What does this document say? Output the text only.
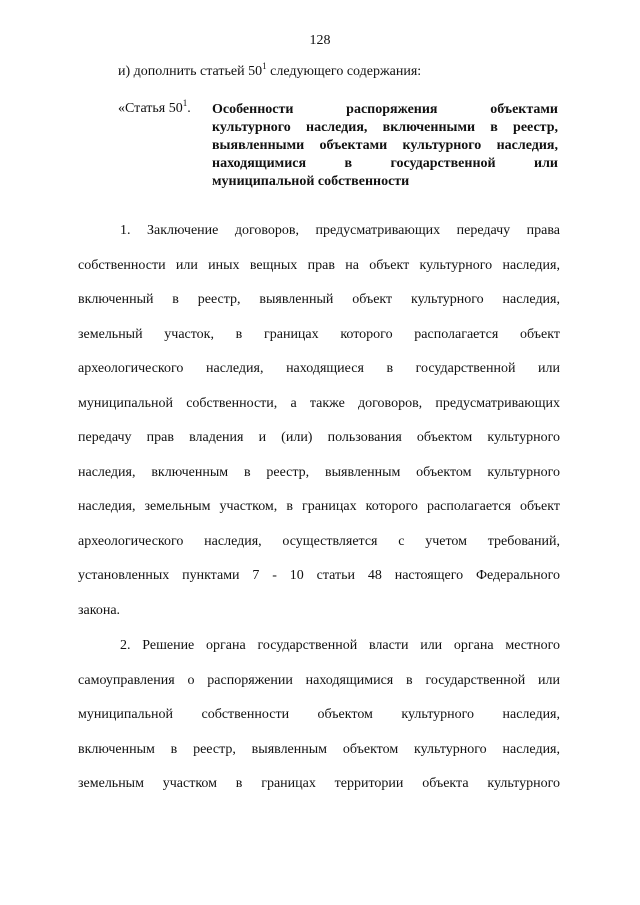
128
и) дополнить статьей $50^1$ следующего содержания:
«Статья $50^1$. Особенности распоряжения объектами
культурного наследия, включенными в реестр,
выявленными объектами культурного наследия,
находящимися в государственной или
муниципальной собственности
1. Заключение договоров, предусматривающих передачу права
собственности или иных вещных прав на объект культурного наследия,
включенный в реестр, выявленный объект культурного наследия,
земельный участок, в границах которого располагается объект
археологического наследия, находящиеся в государственной или
муниципальной собственности, а также договоров, предусматривающих
передачу прав владения и (или) пользования объектом культурного
наследия, включенным в реестр, выявленным объектом культурного
наследия, земельным участком, в границах которого располагается объект
археологического наследия, осуществляется с учетом требований,
установленных пунктами 7 - 10 статьи 48 настоящего Федерального
закона.
2. Решение органа государственной власти или органа местного
самоуправления о распоряжении находящимися в государственной или
муниципальной собственности объектом культурного наследия,
включенным в реестр, выявленным объектом культурного наследия,
земельным участком в границах территории объекта культурного
